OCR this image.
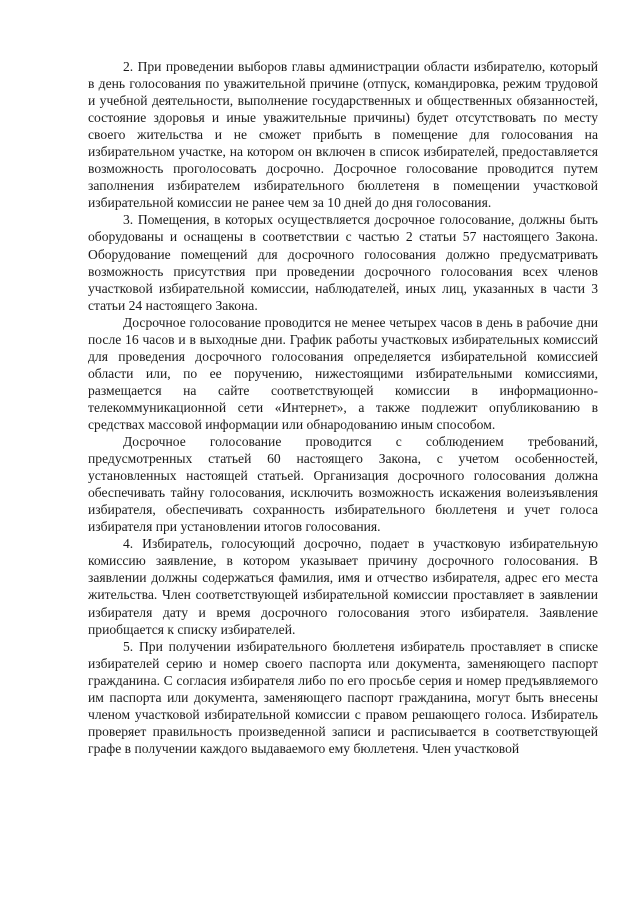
2. При проведении выборов главы администрации области избирателю, который в день голосования по уважительной причине (отпуск, командировка, режим трудовой и учебной деятельности, выполнение государственных и общественных обязанностей, состояние здоровья и иные уважительные причины) будет отсутствовать по месту своего жительства и не сможет прибыть в помещение для голосования на избирательном участке, на котором он включен в список избирателей, предоставляется возможность проголосовать досрочно. Досрочное голосование проводится путем заполнения избирателем избирательного бюллетеня в помещении участковой избирательной комиссии не ранее чем за 10 дней до дня голосования.

3. Помещения, в которых осуществляется досрочное голосование, должны быть оборудованы и оснащены в соответствии с частью 2 статьи 57 настоящего Закона. Оборудование помещений для досрочного голосования должно предусматривать возможность присутствия при проведении досрочного голосования всех членов участковой избирательной комиссии, наблюдателей, иных лиц, указанных в части 3 статьи 24 настоящего Закона.

Досрочное голосование проводится не менее четырех часов в день в рабочие дни после 16 часов и в выходные дни. График работы участковых избирательных комиссий для проведения досрочного голосования определяется избирательной комиссией области или, по ее поручению, нижестоящими избирательными комиссиями, размещается на сайте соответствующей комиссии в информационно-телекоммуникационной сети «Интернет», а также подлежит опубликованию в средствах массовой информации или обнародованию иным способом.

Досрочное голосование проводится с соблюдением требований, предусмотренных статьей 60 настоящего Закона, с учетом особенностей, установленных настоящей статьей. Организация досрочного голосования должна обеспечивать тайну голосования, исключить возможность искажения волеизъявления избирателя, обеспечивать сохранность избирательного бюллетеня и учет голоса избирателя при установлении итогов голосования.

4. Избиратель, голосующий досрочно, подает в участковую избирательную комиссию заявление, в котором указывает причину досрочного голосования. В заявлении должны содержаться фамилия, имя и отчество избирателя, адрес его места жительства. Член соответствующей избирательной комиссии проставляет в заявлении избирателя дату и время досрочного голосования этого избирателя. Заявление приобщается к списку избирателей.

5. При получении избирательного бюллетеня избиратель проставляет в списке избирателей серию и номер своего паспорта или документа, заменяющего паспорт гражданина. С согласия избирателя либо по его просьбе серия и номер предъявляемого им паспорта или документа, заменяющего паспорт гражданина, могут быть внесены членом участковой избирательной комиссии с правом решающего голоса. Избиратель проверяет правильность произведенной записи и расписывается в соответствующей графе в получении каждого выдаваемого ему бюллетеня. Член участковой
